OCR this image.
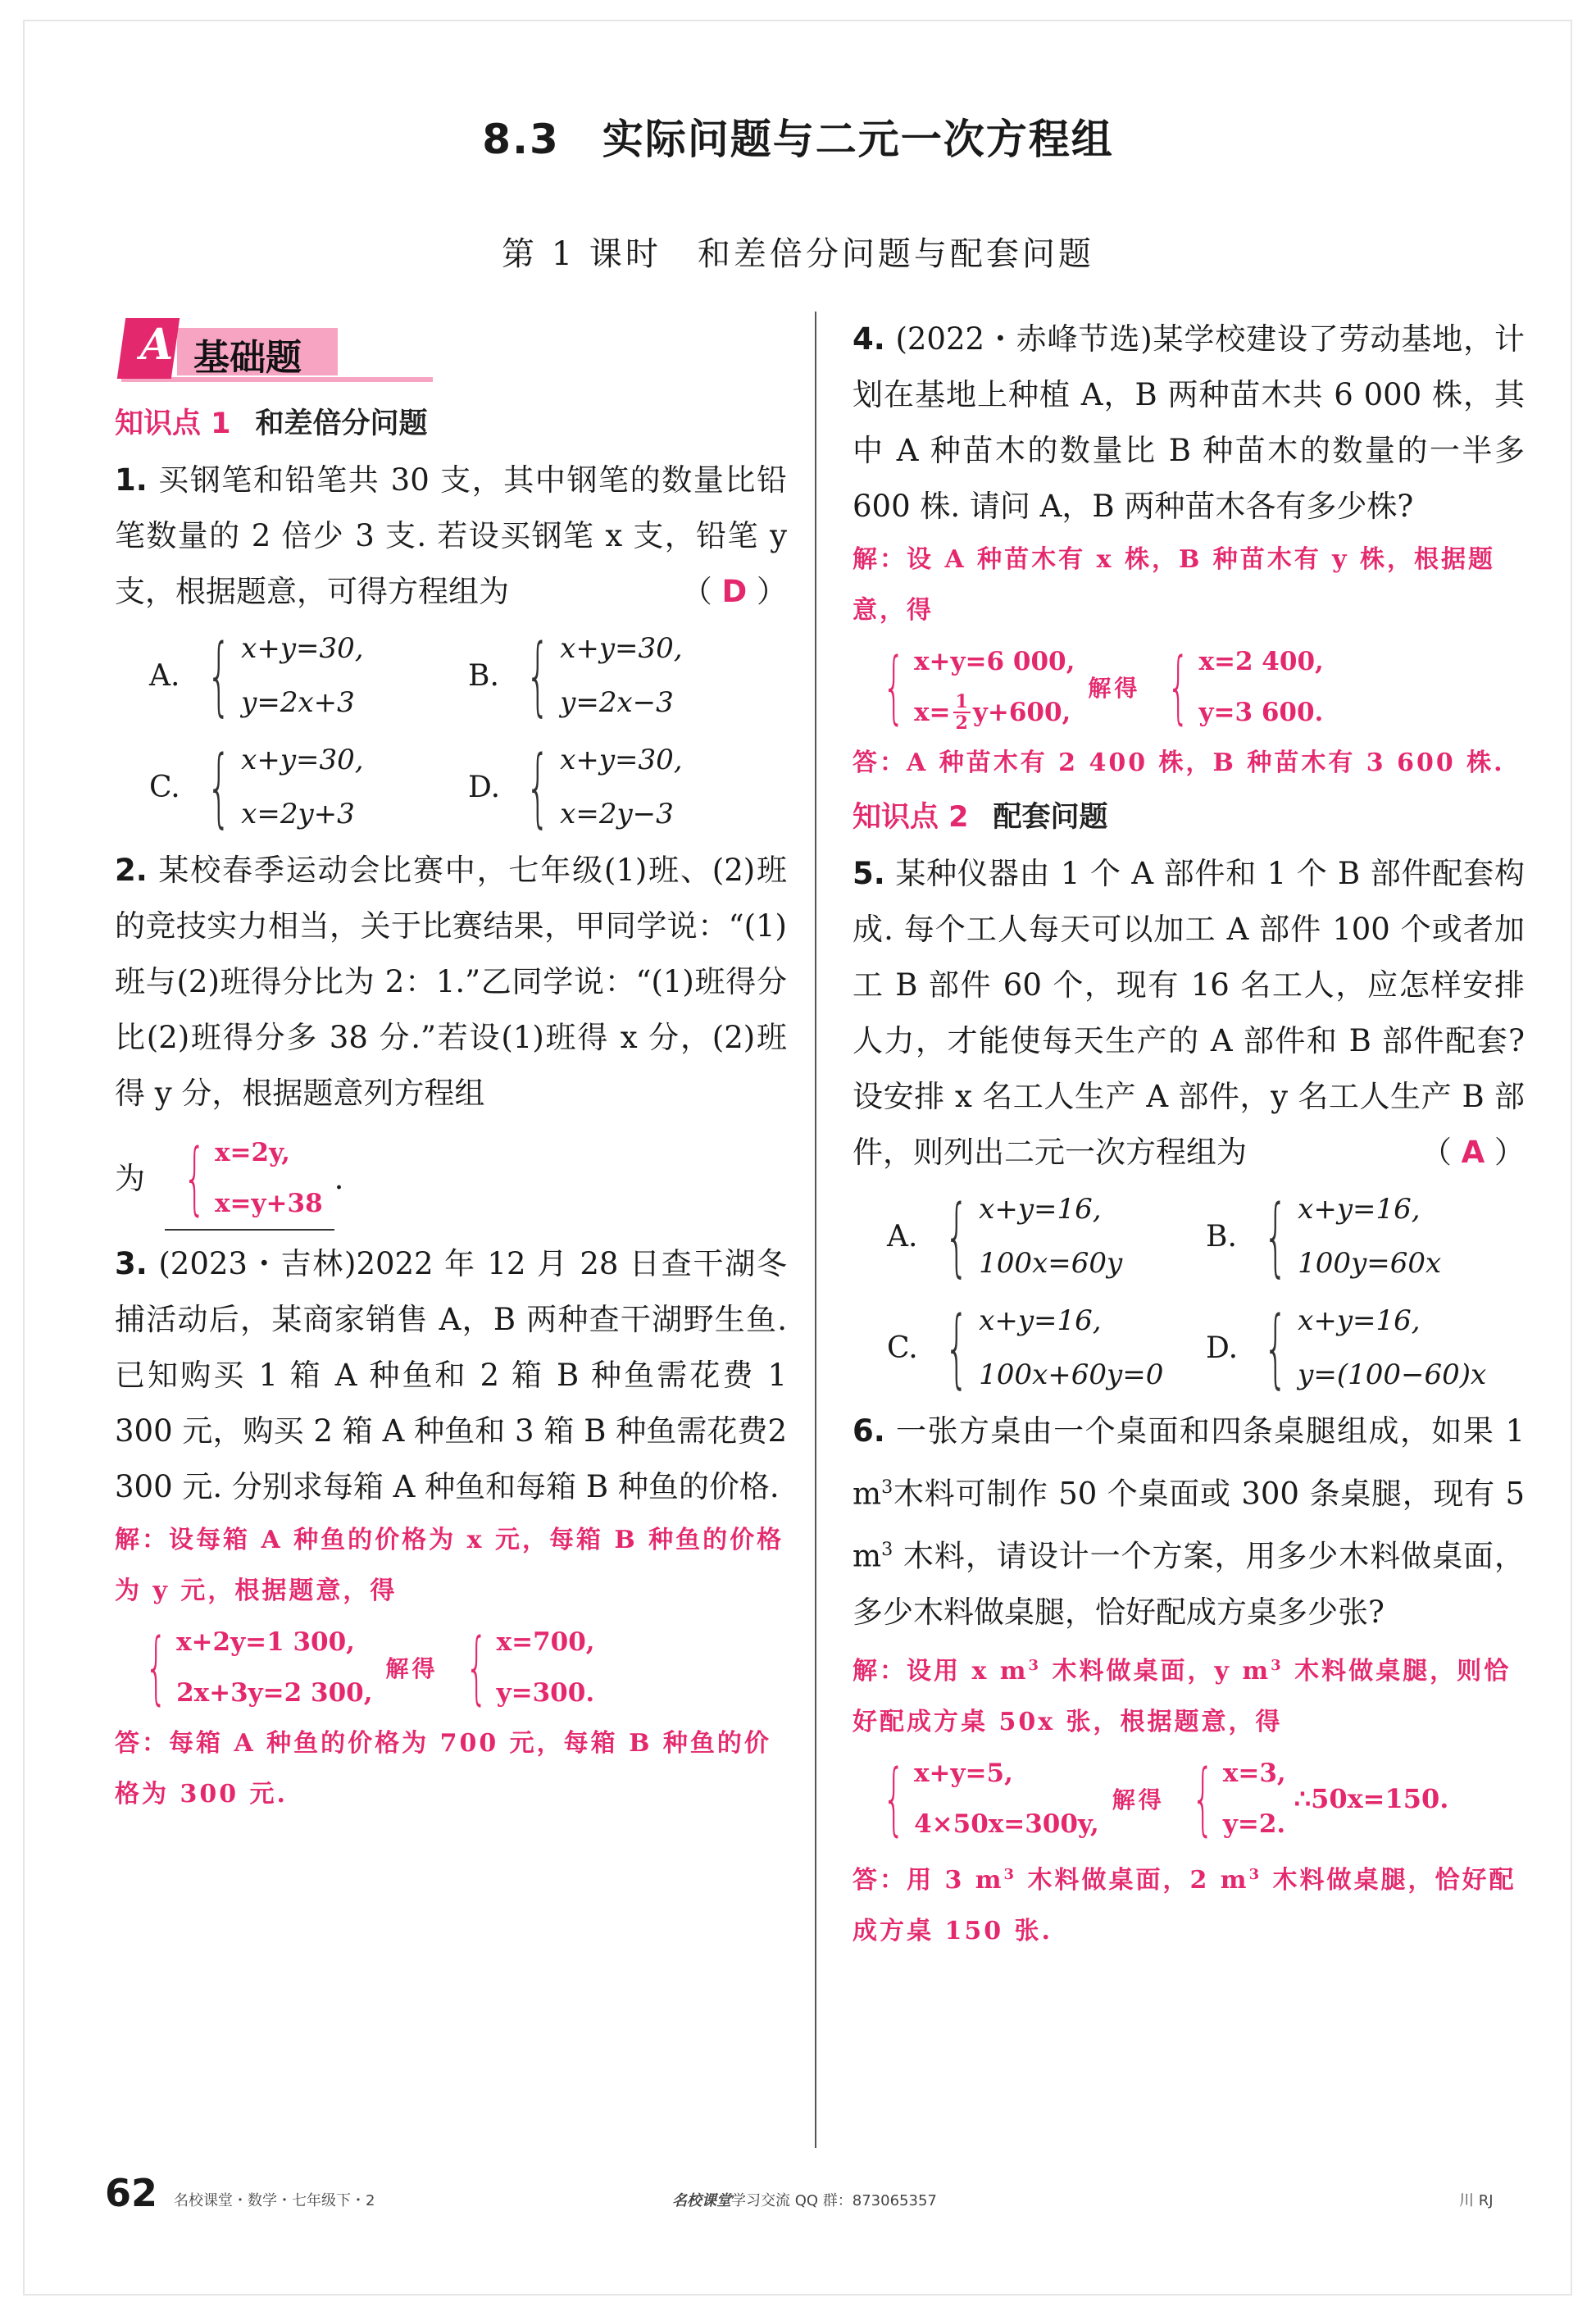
8.3　实际问题与二元一次方程组
第 1 课时　和差倍分问题与配套问题
A 基础题
知识点 1 和差倍分问题

1. 买钢笔和铅笔共 30 支，其中钢笔的数量比铅笔数量的 2 倍少 3 支. 若设买钢笔 x 支，铅笔 y 支，根据题意，可得方程组为	（ D ）

A. { x+y=30,
y=2x+3
B. { x+y=30,
y=2x−3
C. { x+y=30,
x=2y+3
D. { x+y=30,
x=2y−3

2. 某校春季运动会比赛中，七年级(1)班、(2)班的竞技实力相当，关于比赛结果，甲同学说：“(1)班与(2)班得分比为 2：1.”乙同学说：“(1)班得分比(2)班得分多 38 分.”若设(1)班得 x 分，(2)班得 y 分，根据题意列方程组

为 { x=2y,
x=y+38
.

3. (2023・吉林)2022 年 12 月 28 日查干湖冬捕活动后，某商家销售 A，B 两种查干湖野生鱼. 已知购买 1 箱 A 种鱼和 2 箱 B 种鱼需花费 1 300 元，购买 2 箱 A 种鱼和 3 箱 B 种鱼需花费2 300 元. 分别求每箱 A 种鱼和每箱 B 种鱼的价格.

解：设每箱 A 种鱼的价格为 x 元，每箱 B 种鱼的价格为 y 元，根据题意，得

{ x+2y=1 300,
2x+3y=2 300,
解得 { x=700,
y=300.

答：每箱 A 种鱼的价格为 700 元，每箱 B 种鱼的价格为 300 元.

4. (2022・赤峰节选)某学校建设了劳动基地，计划在基地上种植 A，B 两种苗木共 6 000 株，其中 A 种苗木的数量比 B 种苗木的数量的一半多 600 株. 请问 A，B 两种苗木各有多少株?

解：设 A 种苗木有 x 株，B 种苗木有 y 株，根据题意，得

{ x+y=6 000,
$x= \frac{1}{2} y+600$,
解得 { x=2 400,
y=3 600.

答：A 种苗木有 2 400 株，B 种苗木有 3 600 株.

知识点 2 配套问题

5. 某种仪器由 1 个 A 部件和 1 个 B 部件配套构成. 每个工人每天可以加工 A 部件 100 个或者加工 B 部件 60 个，现有 16 名工人，应怎样安排人力，才能使每天生产的 A 部件和 B 部件配套? 设安排 x 名工人生产 A 部件，y 名工人生产 B 部件，则列出二元一次方程组为	（ A ）

A. { x+y=16,
100x=60y
B. { x+y=16,
100y=60x
C. { x+y=16,
100x+60y=0
D. { x+y=16,
y=(100−60)x

6. 一张方桌由一个桌面和四条桌腿组成，如果 1 $m^3$木料可制作 50 个桌面或 300 条桌腿，现有 5 $m^3$ 木料，请设计一个方案，用多少木料做桌面，多少木料做桌腿，恰好配成方桌多少张?

解：设用 x $m^3$ 木料做桌面，y $m^3$ 木料做桌腿，则恰好配成方桌 50x 张，根据题意，得

{ x+y=5,
4×50x=300y,
解得 { x=3,
y=2.
∴50x=150.

答：用 3 $m^3$ 木料做桌面，2 $m^3$ 木料做桌腿，恰好配成方桌 150 张.

62 名校课堂・数学・七年级下・2	名校课堂学习交流 QQ 群：873065357	川 RJ
